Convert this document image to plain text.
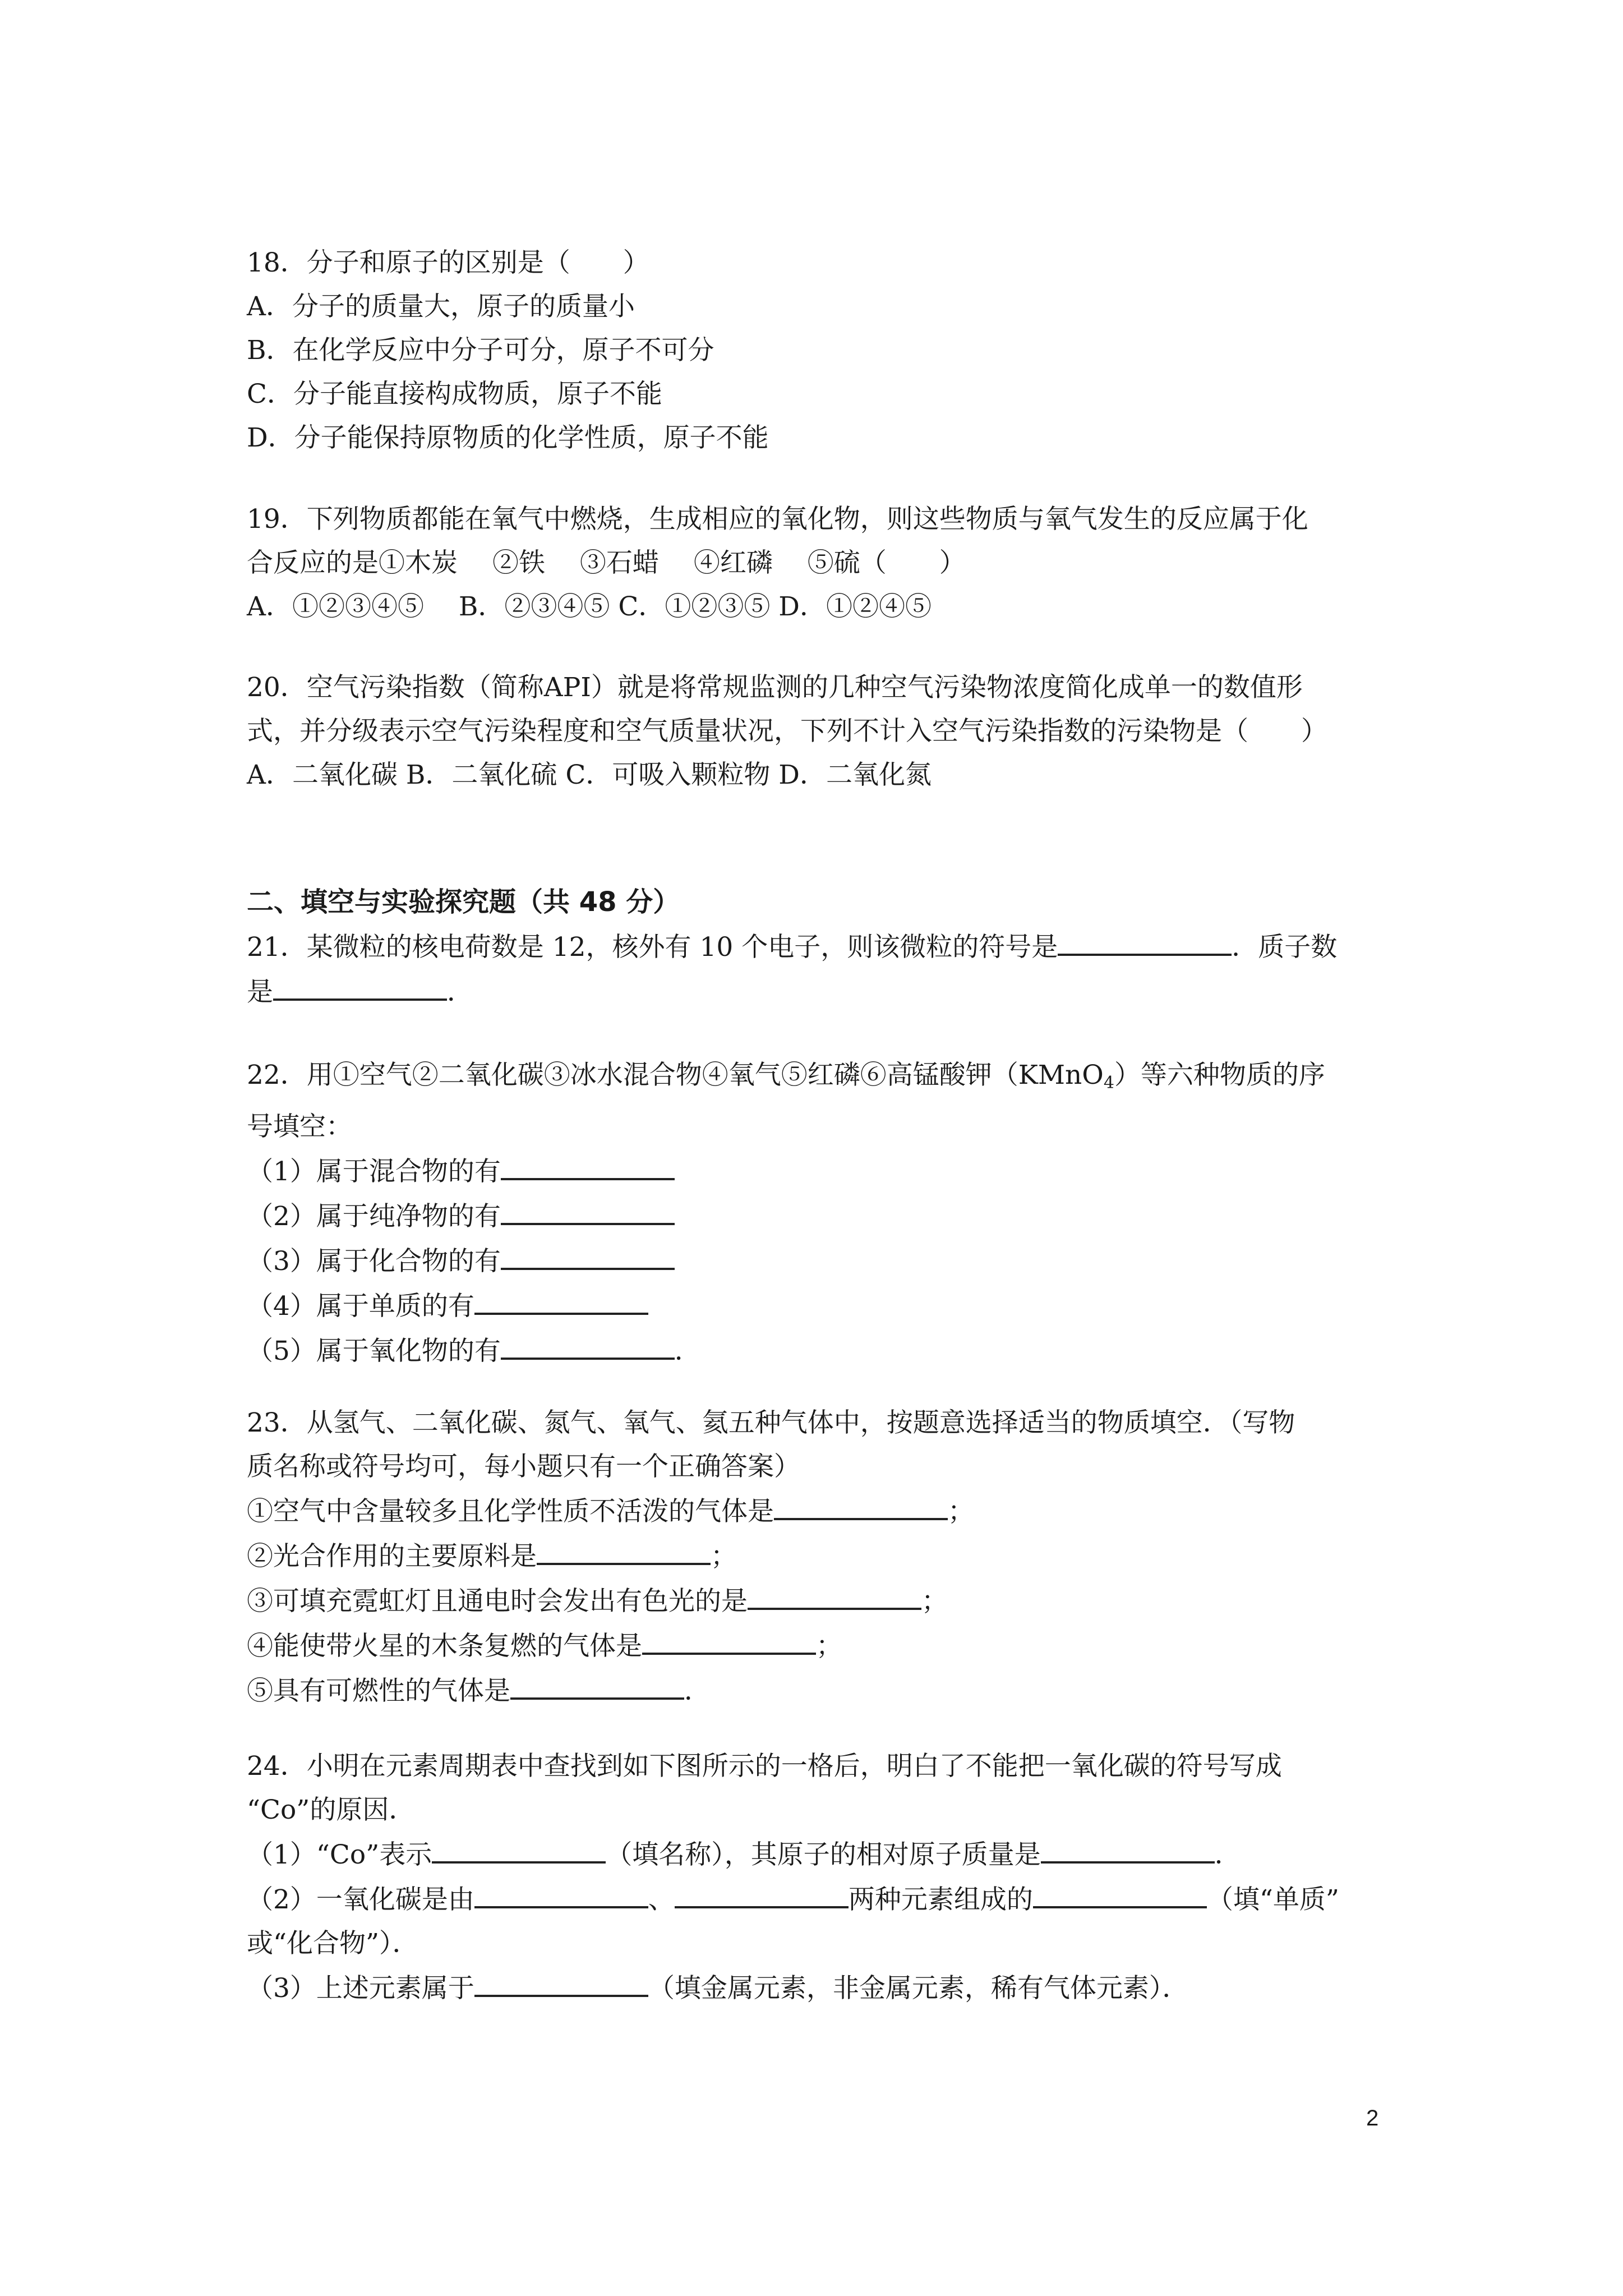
18．分子和原子的区别是（　　）
A．分子的质量大，原子的质量小
B．在化学反应中分子可分，原子不可分
C．分子能直接构成物质，原子不能
D．分子能保持原物质的化学性质，原子不能
19．下列物质都能在氧气中燃烧，生成相应的氧化物，则这些物质与氧气发生的反应属于化
合反应的是①木炭　 ②铁　 ③石蜡　 ④红磷　 ⑤硫（　　）
A．①②③④⑤　 B．②③④⑤ C．①②③⑤ D．①②④⑤
20．空气污染指数（简称API）就是将常规监测的几种空气污染物浓度简化成单一的数值形
式，并分级表示空气污染程度和空气质量状况，下列不计入空气污染指数的污染物是（　　）
A．二氧化碳 B．二氧化硫 C．可吸入颗粒物 D．二氧化氮
二、填空与实验探究题（共 48 分）
21．某微粒的核电荷数是 12，核外有 10 个电子，则该微粒的符号是	．质子数
是	．
22．用①空气②二氧化碳③冰水混合物④氧气⑤红磷⑥高锰酸钾（KMnO$_4$）等六种物质的序
号填空：
（1）属于混合物的有
（2）属于纯净物的有
（3）属于化合物的有
（4）属于单质的有
（5）属于氧化物的有	．
23．从氢气、二氧化碳、氮气、氧气、氦五种气体中，按题意选择适当的物质填空．（写物
质名称或符号均可，每小题只有一个正确答案）
①空气中含量较多且化学性质不活泼的气体是	；
②光合作用的主要原料是	；
③可填充霓虹灯且通电时会发出有色光的是	；
④能使带火星的木条复燃的气体是	；
⑤具有可燃性的气体是	．
24．小明在元素周期表中查找到如下图所示的一格后，明白了不能把一氧化碳的符号写成
“Co”的原因．
（1）“Co”表示	（填名称），其原子的相对原子质量是	．
（2）一氧化碳是由	、	两种元素组成的	（填“单质”
或“化合物”）．
（3）上述元素属于	（填金属元素，非金属元素，稀有气体元素）．
2
